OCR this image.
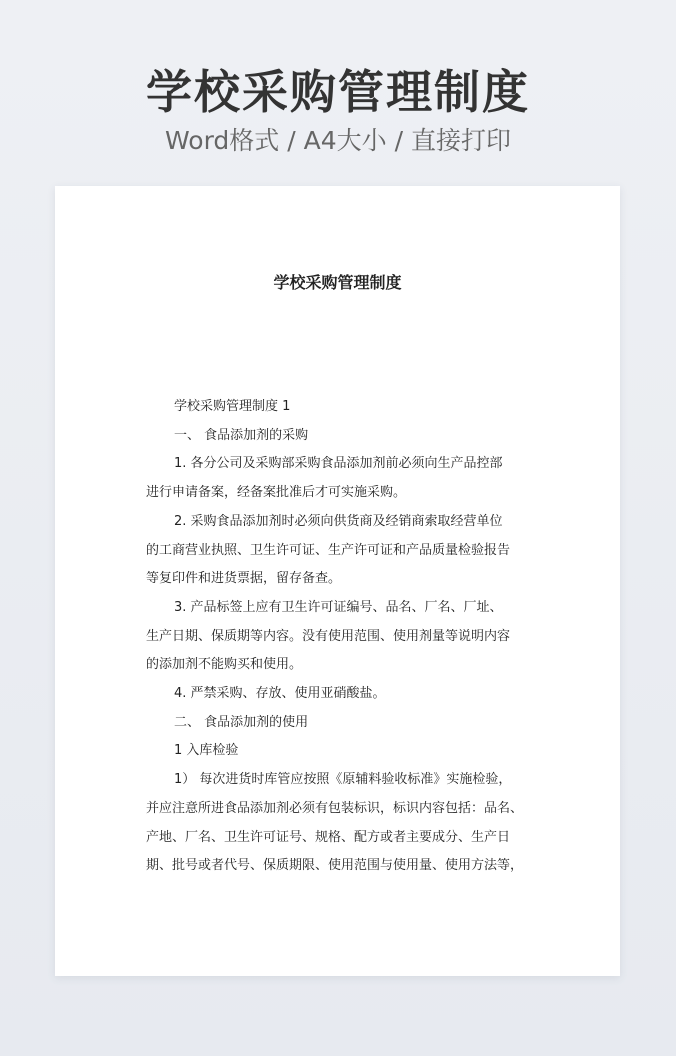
学校采购管理制度
Word格式 / A4大小 / 直接打印
学校采购管理制度

学校采购管理制度 1

一、 食品添加剂的采购

1. 各分公司及采购部采购食品添加剂前必须向生产品控部

进行申请备案，经备案批准后才可实施采购。

2. 采购食品添加剂时必须向供货商及经销商索取经营单位

的工商营业执照、卫生许可证、生产许可证和产品质量检验报告

等复印件和进货票据，留存备查。

3. 产品标签上应有卫生许可证编号、品名、厂名、厂址、

生产日期、保质期等内容。没有使用范围、使用剂量等说明内容

的添加剂不能购买和使用。

4. 严禁采购、存放、使用亚硝酸盐。

二、 食品添加剂的使用

1 入库检验

1） 每次进货时库管应按照《原辅料验收标准》实施检验，

并应注意所进食品添加剂必须有包装标识，标识内容包括：品名、

产地、厂名、卫生许可证号、规格、配方或者主要成分、生产日

期、批号或者代号、保质期限、使用范围与使用量、使用方法等，
